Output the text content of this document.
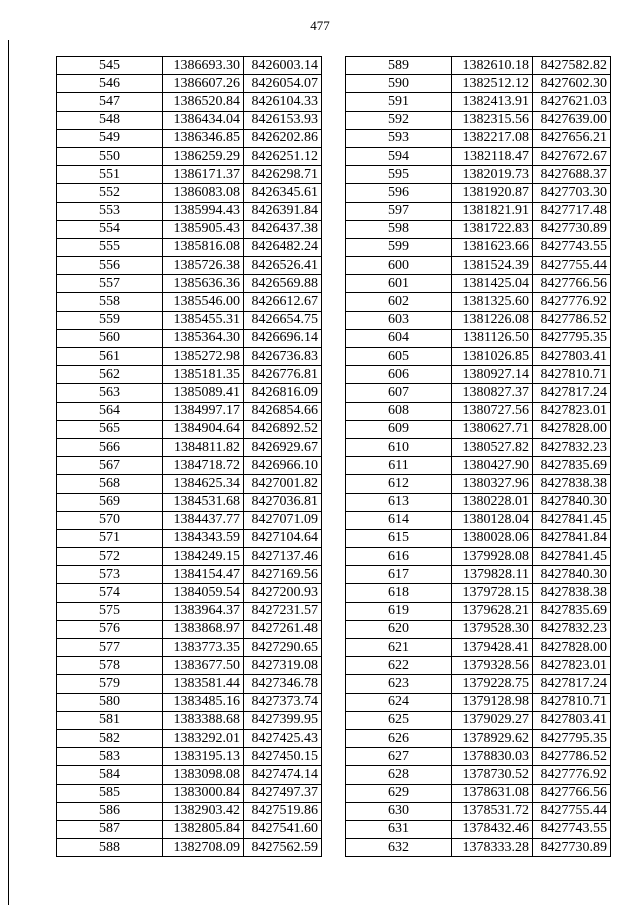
477
545	1386693.30	8426003.14
546	1386607.26	8426054.07
547	1386520.84	8426104.33
548	1386434.04	8426153.93
549	1386346.85	8426202.86
550	1386259.29	8426251.12
551	1386171.37	8426298.71
552	1386083.08	8426345.61
553	1385994.43	8426391.84
554	1385905.43	8426437.38
555	1385816.08	8426482.24
556	1385726.38	8426526.41
557	1385636.36	8426569.88
558	1385546.00	8426612.67
559	1385455.31	8426654.75
560	1385364.30	8426696.14
561	1385272.98	8426736.83
562	1385181.35	8426776.81
563	1385089.41	8426816.09
564	1384997.17	8426854.66
565	1384904.64	8426892.52
566	1384811.82	8426929.67
567	1384718.72	8426966.10
568	1384625.34	8427001.82
569	1384531.68	8427036.81
570	1384437.77	8427071.09
571	1384343.59	8427104.64
572	1384249.15	8427137.46
573	1384154.47	8427169.56
574	1384059.54	8427200.93
575	1383964.37	8427231.57
576	1383868.97	8427261.48
577	1383773.35	8427290.65
578	1383677.50	8427319.08
579	1383581.44	8427346.78
580	1383485.16	8427373.74
581	1383388.68	8427399.95
582	1383292.01	8427425.43
583	1383195.13	8427450.15
584	1383098.08	8427474.14
585	1383000.84	8427497.37
586	1382903.42	8427519.86
587	1382805.84	8427541.60
588	1382708.09	8427562.59
589	1382610.18	8427582.82
590	1382512.12	8427602.30
591	1382413.91	8427621.03
592	1382315.56	8427639.00
593	1382217.08	8427656.21
594	1382118.47	8427672.67
595	1382019.73	8427688.37
596	1381920.87	8427703.30
597	1381821.91	8427717.48
598	1381722.83	8427730.89
599	1381623.66	8427743.55
600	1381524.39	8427755.44
601	1381425.04	8427766.56
602	1381325.60	8427776.92
603	1381226.08	8427786.52
604	1381126.50	8427795.35
605	1381026.85	8427803.41
606	1380927.14	8427810.71
607	1380827.37	8427817.24
608	1380727.56	8427823.01
609	1380627.71	8427828.00
610	1380527.82	8427832.23
611	1380427.90	8427835.69
612	1380327.96	8427838.38
613	1380228.01	8427840.30
614	1380128.04	8427841.45
615	1380028.06	8427841.84
616	1379928.08	8427841.45
617	1379828.11	8427840.30
618	1379728.15	8427838.38
619	1379628.21	8427835.69
620	1379528.30	8427832.23
621	1379428.41	8427828.00
622	1379328.56	8427823.01
623	1379228.75	8427817.24
624	1379128.98	8427810.71
625	1379029.27	8427803.41
626	1378929.62	8427795.35
627	1378830.03	8427786.52
628	1378730.52	8427776.92
629	1378631.08	8427766.56
630	1378531.72	8427755.44
631	1378432.46	8427743.55
632	1378333.28	8427730.89
